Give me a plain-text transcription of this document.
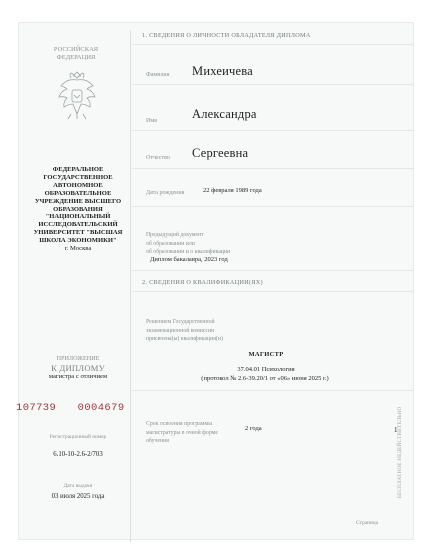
РОССИЙСКАЯ
ФЕДЕРАЦИЯ
ФЕДЕРАЛЬНОЕ ГОСУДАРСТВЕННОЕ АВТОНОМНОЕ ОБРАЗОВАТЕЛЬНОЕ УЧРЕЖДЕНИЕ ВЫСШЕГО ОБРАЗОВАНИЯ "НАЦИОНАЛЬНЫЙ ИССЛЕДОВАТЕЛЬСКИЙ УНИВЕРСИТЕТ "ВЫСШАЯ ШКОЛА ЭКОНОМИКИ"
г. Москва
ПРИЛОЖЕНИЕ
К ДИПЛОМУ
магистра с отличием
107739 0004679
Регистрационный номер
6.10-10-2.6-2/703
Дата выдачи
03 июля 2025 года
1. СВЕДЕНИЯ О ЛИЧНОСТИ ОБЛАДАТЕЛЯ ДИПЛОМА
Фамилия Михеичева
Имя	Александра
Отчество Сергеевна
Дата рождения	22 февраля 1989 года
Предыдущий документ
об образовании или
об образовании и о квалификации
Диплом бакалавра, 2023 год
2. СВЕДЕНИЯ О КВАЛИФИКАЦИИ(ЯХ)
Решением Государственной
экзаменационной комиссии
присвоена(ы) квалификация(и)
МАГИСТР
37.04.01 Психология
(протокол № 2.6-39.20/1 от «06» июня 2025 г.)
Срок освоения программы
магистратуры в очной форме
обучения
2 года	1 БЕСПЛАТНОЕ НЕДЕЙСТВИТЕЛЬНО
Страница
